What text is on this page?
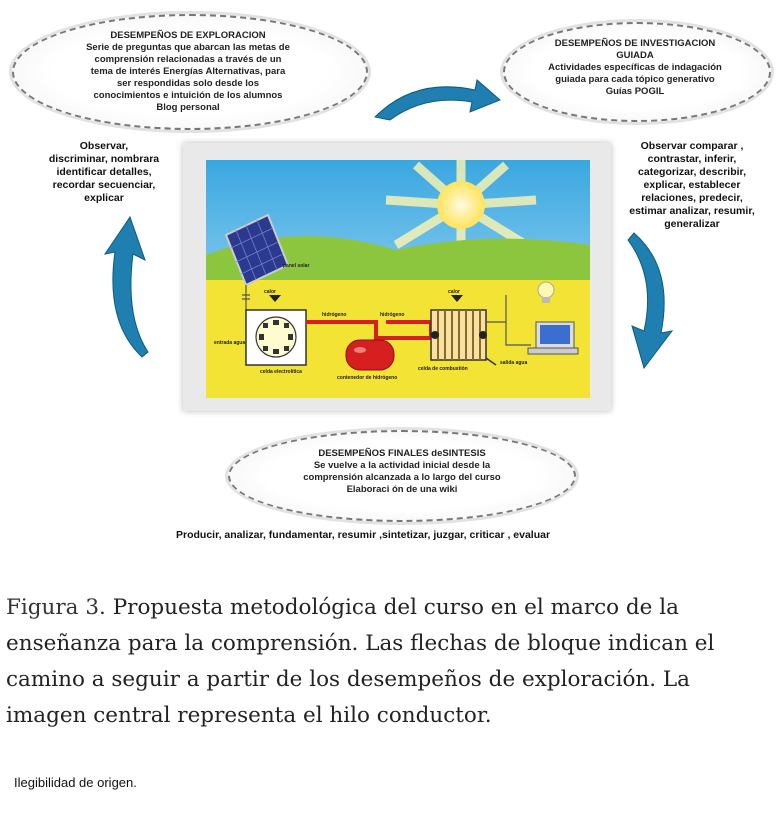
DESEMPEÑOS DE EXPLORACION
Serie de preguntas que abarcan las metas de
comprensión relacionadas a través de un
tema de interés Energías Alternativas, para
ser respondidas solo desde los
conocimientos e intuición de los alumnos
Blog personal
DESEMPEÑOS DE INVESTIGACION
GUIADA
Actividades específicas de indagación
guiada para cada tópico generativo
Guías POGIL
Observar,
discriminar, nombrara
identificar detalles,
recordar secuenciar,
explicar
Observar comparar ,
contrastar, inferir,
categorizar, describir,
explicar, establecer
relaciones, predecir,
estimar analizar, resumir,
generalizar
panel solar
calor	calor
hidrógeno	hidrógeno
entrada agua
celda electrolítica
contenedor de hidrógeno
celda de combustión
salida agua
DESEMPEÑOS FINALES deSINTESIS
Se vuelve a la actividad inicial desde la
comprensión alcanzada a lo largo del curso
Elaboraci ón de una wiki
Producir, analizar, fundamentar, resumir ,sintetizar, juzgar, criticar , evaluar
Figura 3. Propuesta metodológica del curso en el marco de la enseñanza para la comprensión. Las flechas de bloque indican el camino a seguir a partir de los desempeños de exploración. La imagen central representa el hilo conductor.
Ilegibilidad de origen.
